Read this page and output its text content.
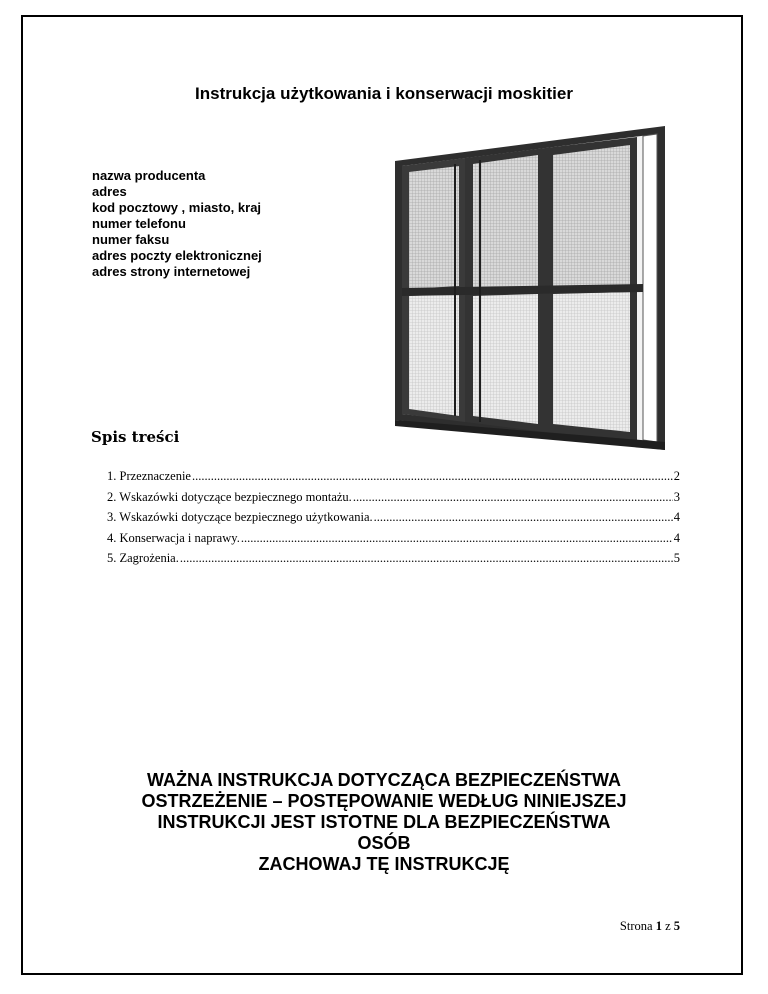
Instrukcja użytkowania i konserwacji moskitier
nazwa producenta
adres
kod pocztowy , miasto, kraj
numer telefonu
numer faksu
adres poczty elektronicznej
adres strony internetowej
Spis treści
1. Przeznaczenie .....	2
2. Wskazówki dotyczące bezpiecznego montażu. .....	3
3. Wskazówki dotyczące bezpiecznego użytkowania. .....	4
4. Konserwacja i naprawy. .....	4
5. Zagrożenia. .....	5
WAŻNA INSTRUKCJA DOTYCZĄCA BEZPIECZEŃSTWA
OSTRZEŻENIE – POSTĘPOWANIE WEDŁUG NINIEJSZEJ
INSTRUKCJI JEST ISTOTNE DLA BEZPIECZEŃSTWA
OSÓB
ZACHOWAJ TĘ INSTRUKCJĘ
Strona 1 z 5
